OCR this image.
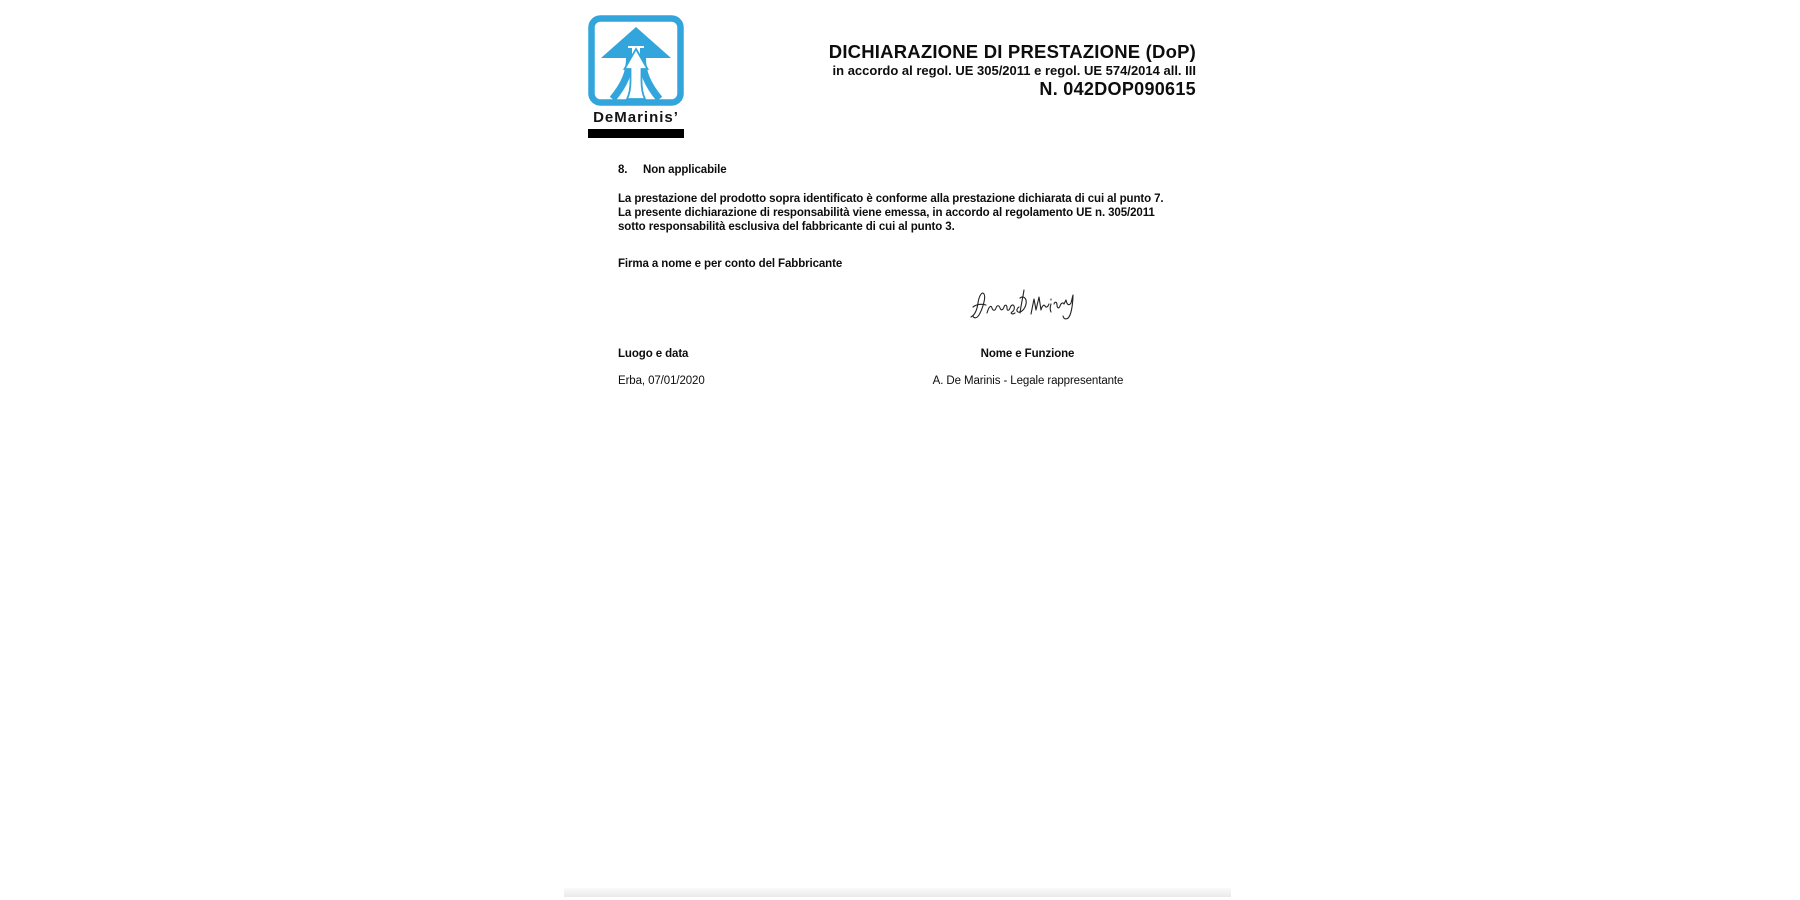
DeMarinis’
DICHIARAZIONE DI PRESTAZIONE (DoP)
in accordo al regol. UE 305/2011 e regol. UE 574/2014 all. III
N. 042DOP090615
8.	Non applicabile
La prestazione del prodotto sopra identificato è conforme alla prestazione dichiarata di cui al punto 7.
La presente dichiarazione di responsabilità viene emessa, in accordo al regolamento UE n. 305/2011
sotto responsabilità esclusiva del fabbricante di cui al punto 3.
Firma a nome e per conto del Fabbricante
Luogo e data	Nome e Funzione
Erba, 07/01/2020	A. De Marinis - Legale rappresentante
